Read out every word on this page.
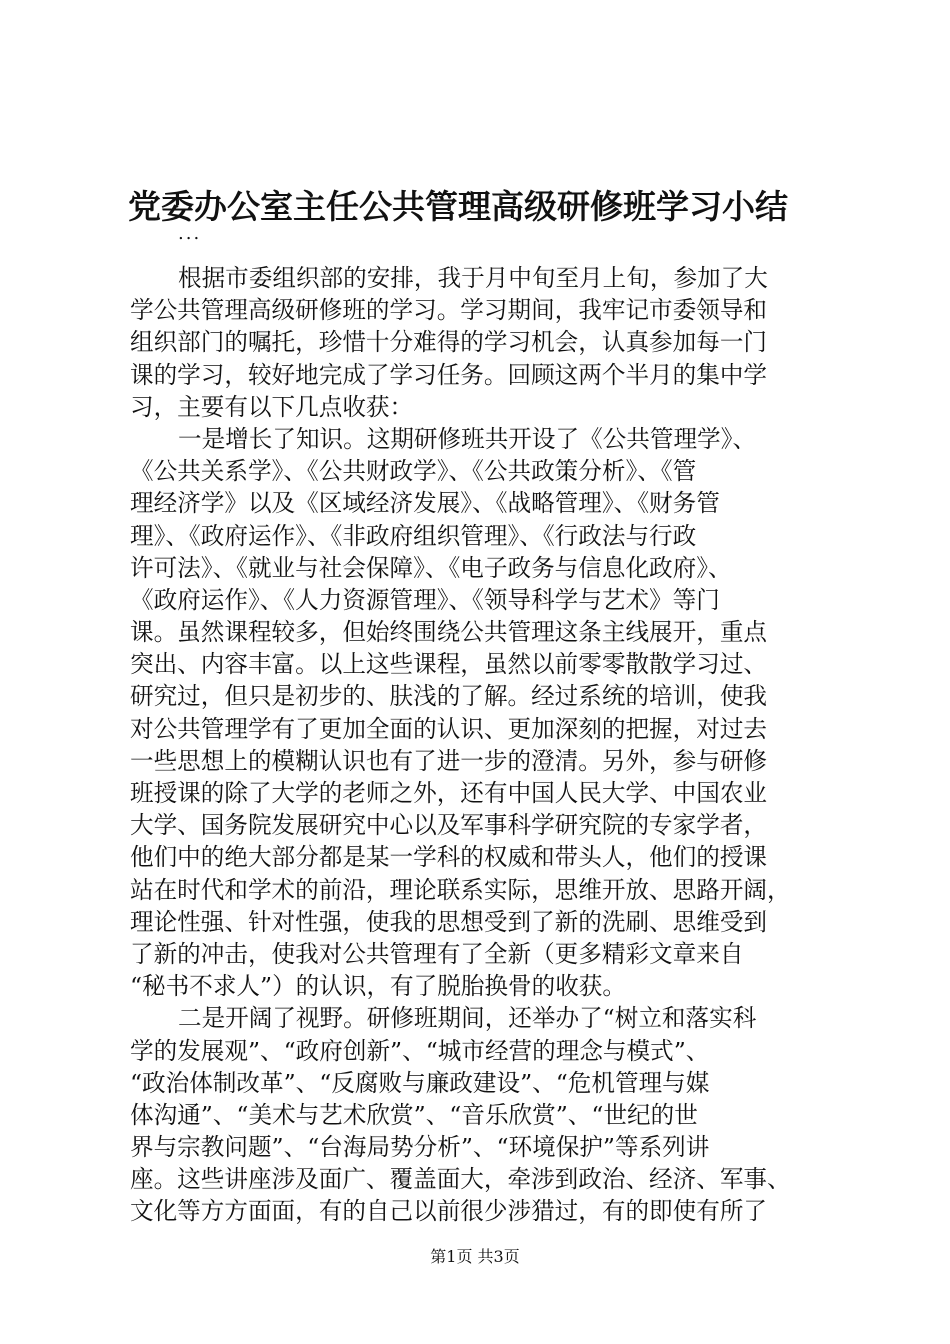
党委办公室主任公共管理高级研修班学习小结
...
根据市委组织部的安排，我于月中旬至月上旬，参加了大
学公共管理高级研修班的学习。学习期间，我牢记市委领导和
组织部门的嘱托，珍惜十分难得的学习机会，认真参加每一门
课的学习，较好地完成了学习任务。回顾这两个半月的集中学
习，主要有以下几点收获：
一是增长了知识。这期研修班共开设了《公共管理学》、
《公共关系学》、《公共财政学》、《公共政策分析》、《管
理经济学》以及《区域经济发展》、《战略管理》、《财务管
理》、《政府运作》、《非政府组织管理》、《行政法与行政
许可法》、《就业与社会保障》、《电子政务与信息化政府》、
《政府运作》、《人力资源管理》、《领导科学与艺术》等门
课。虽然课程较多，但始终围绕公共管理这条主线展开，重点
突出、内容丰富。以上这些课程，虽然以前零零散散学习过、
研究过，但只是初步的、肤浅的了解。经过系统的培训，使我
对公共管理学有了更加全面的认识、更加深刻的把握，对过去
一些思想上的模糊认识也有了进一步的澄清。另外，参与研修
班授课的除了大学的老师之外，还有中国人民大学、中国农业
大学、国务院发展研究中心以及军事科学研究院的专家学者，
他们中的绝大部分都是某一学科的权威和带头人，他们的授课
站在时代和学术的前沿，理论联系实际，思维开放、思路开阔，
理论性强、针对性强，使我的思想受到了新的洗刷、思维受到
了新的冲击，使我对公共管理有了全新（更多精彩文章来自
“秘书不求人”）的认识，有了脱胎换骨的收获。
二是开阔了视野。研修班期间，还举办了“树立和落实科
学的发展观”、“政府创新”、“城市经营的理念与模式”、
“政治体制改革”、“反腐败与廉政建设”、“危机管理与媒
体沟通”、“美术与艺术欣赏”、“音乐欣赏”、“世纪的世
界与宗教问题”、“台海局势分析”、“环境保护”等系列讲
座。这些讲座涉及面广、覆盖面大，牵涉到政治、经济、军事、
文化等方方面面，有的自己以前很少涉猎过，有的即使有所了
第1页 共3页
